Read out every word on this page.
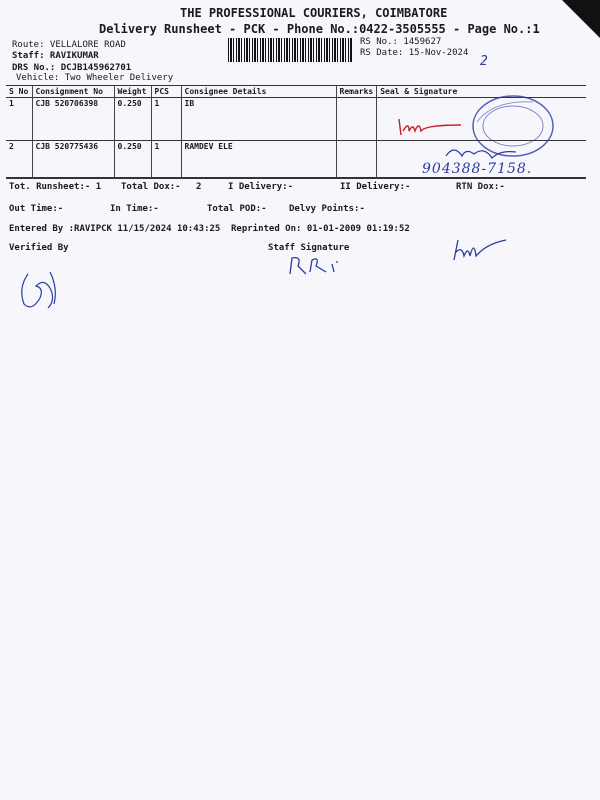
THE PROFESSIONAL COURIERS, COIMBATORE
Delivery Runsheet - PCK - Phone No.:0422-3505555 - Page No.:1
Route: VELLALORE ROAD
Staff: RAVIKUMAR
DRS No.: DCJB145962701
Vehicle: Two Wheeler Delivery
RS No.: 1459627
RS Date: 15-Nov-2024
2
S No	Consignment No	Weight	PCS	Consignee Details	Remarks	Seal & Signature
1	CJB 520706398	0.250	1	IB		
2	CJB 520775436	0.250	1	RAMDEV ELE		
904388-7158.
Tot. Runsheet:- 1 Total Dox:- 2	I Delivery:-	II Delivery:-	RTN Dox:-
Out Time:-	In Time:-	Total POD:- Delvy Points:-
Entered By :RAVIPCK 11/15/2024 10:43:25 Reprinted On: 01-01-2009 01:19:52
Verified By	Staff Signature
